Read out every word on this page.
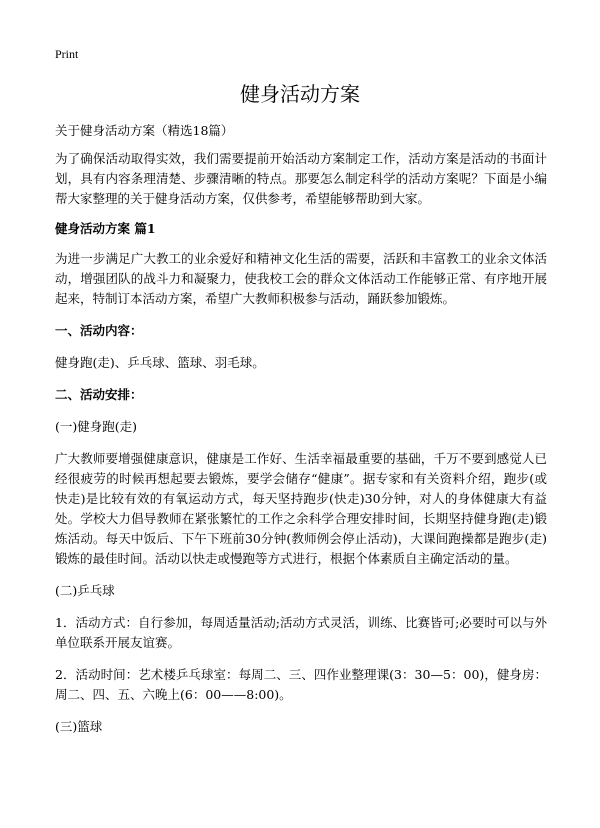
Print
健身活动方案

关于健身活动方案（精选18篇）

为了确保活动取得实效，我们需要提前开始活动方案制定工作，活动方案是活动的书面计划，具有内容条理清楚、步骤清晰的特点。那要怎么制定科学的活动方案呢？下面是小编帮大家整理的关于健身活动方案，仅供参考，希望能够帮助到大家。

健身活动方案 篇1

为进一步满足广大教工的业余爱好和精神文化生活的需要，活跃和丰富教工的业余文体活动，增强团队的战斗力和凝聚力，使我校工会的群众文体活动工作能够正常、有序地开展起来，特制订本活动方案，希望广大教师积极参与活动，踊跃参加锻炼。

一、活动内容：

健身跑(走)、乒乓球、篮球、羽毛球。

二、活动安排：

(一)健身跑(走)

广大教师要增强健康意识，健康是工作好、生活幸福最重要的基础，千万不要到感觉人已经很疲劳的时候再想起要去锻炼，要学会储存“健康”。据专家和有关资料介绍，跑步(或快走)是比较有效的有氧运动方式，每天坚持跑步(快走)30分钟，对人的身体健康大有益处。学校大力倡导教师在紧张繁忙的工作之余科学合理安排时间，长期坚持健身跑(走)锻炼活动。每天中饭后、下午下班前30分钟(教师例会停止活动)，大课间跑操都是跑步(走)锻炼的最佳时间。活动以快走或慢跑等方式进行，根据个体素质自主确定活动的量。

(二)乒乓球

1．活动方式：自行参加，每周适量活动;活动方式灵活，训练、比赛皆可;必要时可以与外单位联系开展友谊赛。

2．活动时间：艺术楼乒乓球室：每周二、三、四作业整理课(3：30—5：00)，健身房：周二、四、五、六晚上(6：00——8:00)。

(三)篮球
